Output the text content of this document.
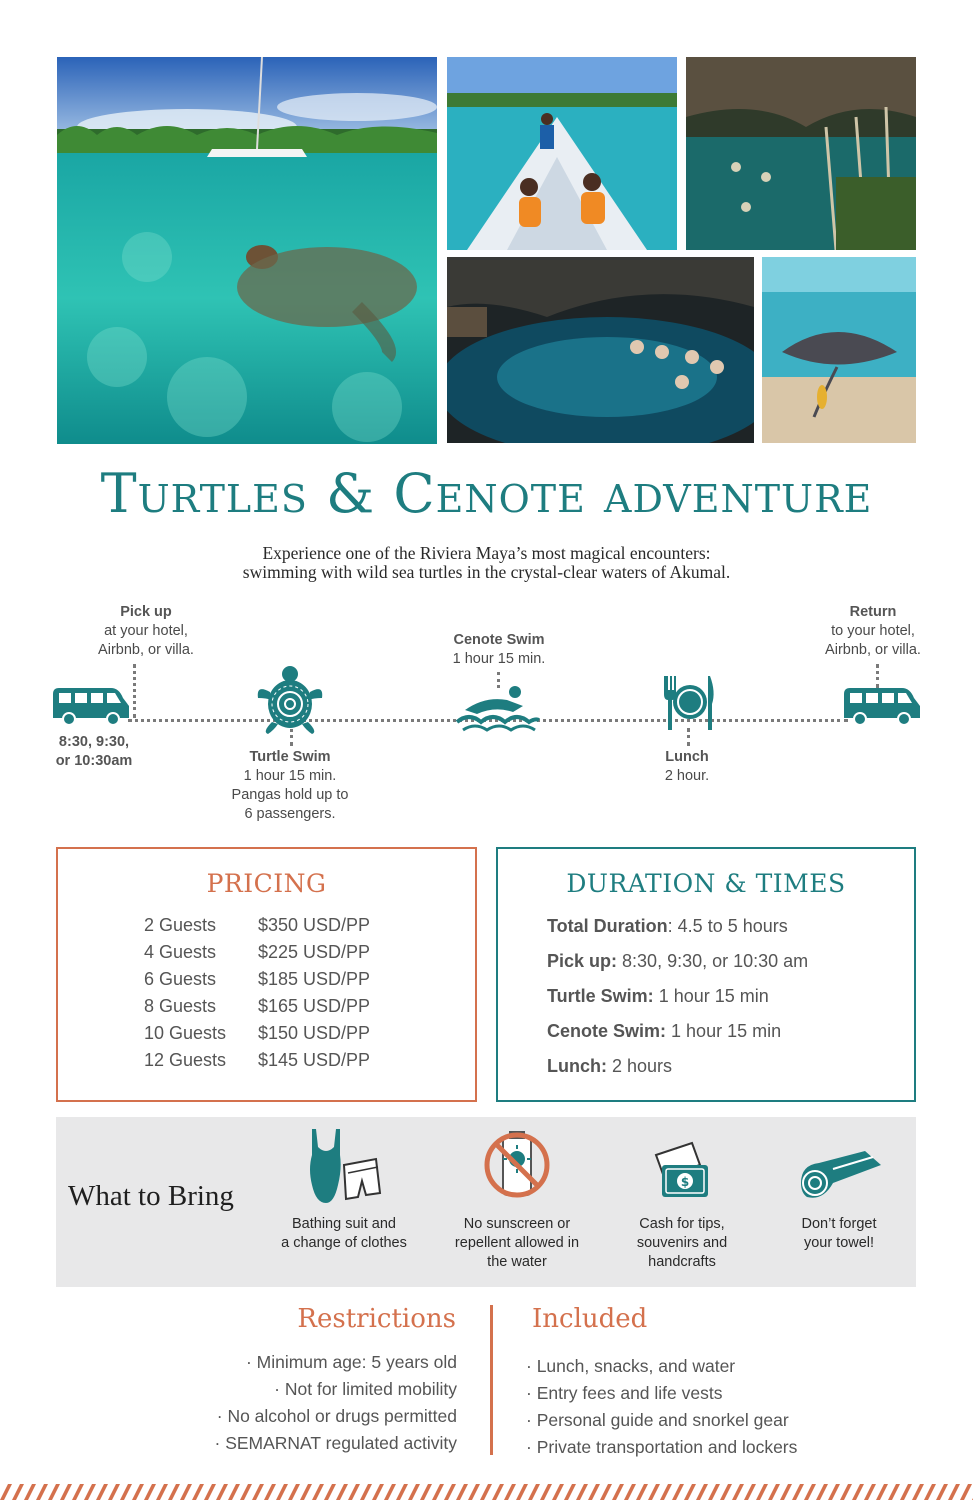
Turtles & Cenote adventure
Experience one of the Riviera Maya’s most magical encounters:
swimming with wild sea turtles in the crystal-clear waters of Akumal.
Pick up
at your hotel,
Airbnb, or villa.
8:30, 9:30,
or 10:30am	Turtle Swim
1 hour 15 min.
Pangas hold up to
6 passengers.
Cenote Swim
1 hour 15 min.
Lunch
2 hour.
Return
to your hotel,
Airbnb, or villa.
PRICING
2 Guests	$350 USD/PP
4 Guests	$225 USD/PP
6 Guests	$185 USD/PP
8 Guests	$165 USD/PP
10 Guests	$150 USD/PP
12 Guests	$145 USD/PP
DURATION & TIMES
Total Duration: 4.5 to 5 hours
Pick up: 8:30, 9:30, or 10:30 am
Turtle Swim: 1 hour 15 min
Cenote Swim: 1 hour 15 min
Lunch: 2 hours
What to Bring
Bathing suit and
a change of clothes
No sunscreen or
repellent allowed in
the water
$
Cash for tips,
souvenirs and
handcrafts
Don’t forget
your towel!
Restrictions
· Minimum age: 5 years old
· Not for limited mobility
· No alcohol or drugs permitted
· SEMARNAT regulated activity
Included
· Lunch, snacks, and water
· Entry fees and life vests
· Personal guide and snorkel gear
· Private transportation and lockers
